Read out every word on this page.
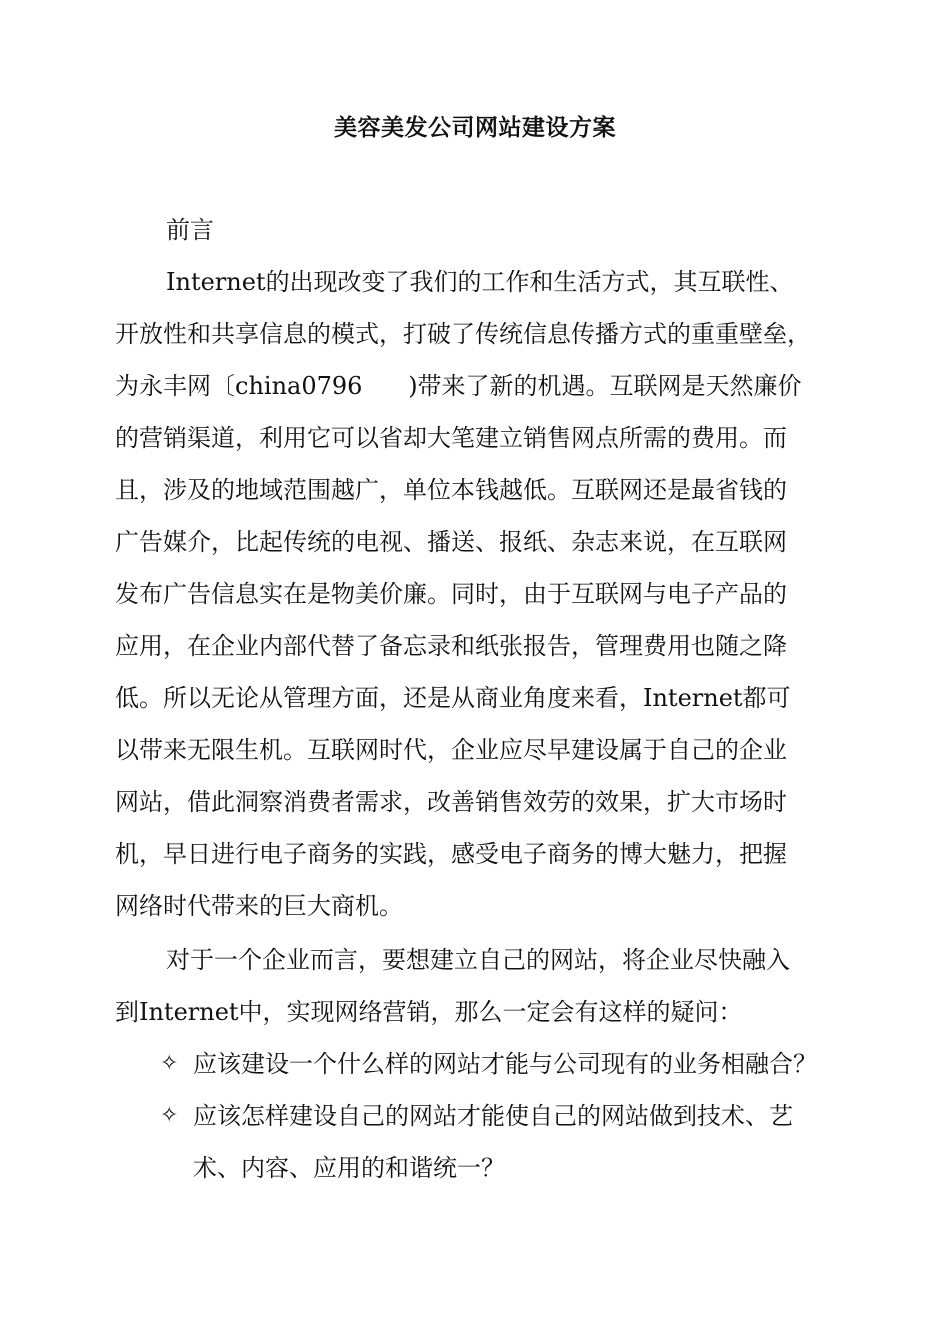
美容美发公司网站建设方案
前言
Internet的出现改变了我们的工作和生活方式，其互联性、
开放性和共享信息的模式，打破了传统信息传播方式的重重壁垒，
为永丰网〔china0796      )带来了新的机遇。互联网是天然廉价
的营销渠道，利用它可以省却大笔建立销售网点所需的费用。而
且，涉及的地域范围越广，单位本钱越低。互联网还是最省钱的
广告媒介，比起传统的电视、播送、报纸、杂志来说，在互联网
发布广告信息实在是物美价廉。同时，由于互联网与电子产品的
应用，在企业内部代替了备忘录和纸张报告，管理费用也随之降
低。所以无论从管理方面，还是从商业角度来看，Internet都可
以带来无限生机。互联网时代，企业应尽早建设属于自己的企业
网站，借此洞察消费者需求，改善销售效劳的效果，扩大市场时
机，早日进行电子商务的实践，感受电子商务的博大魅力，把握
网络时代带来的巨大商机。
对于一个企业而言，要想建立自己的网站，将企业尽快融入
到Internet中，实现网络营销，那么一定会有这样的疑问：
✧ 应该建设一个什么样的网站才能与公司现有的业务相融合？
✧ 应该怎样建设自己的网站才能使自己的网站做到技术、艺
术、内容、应用的和谐统一？
